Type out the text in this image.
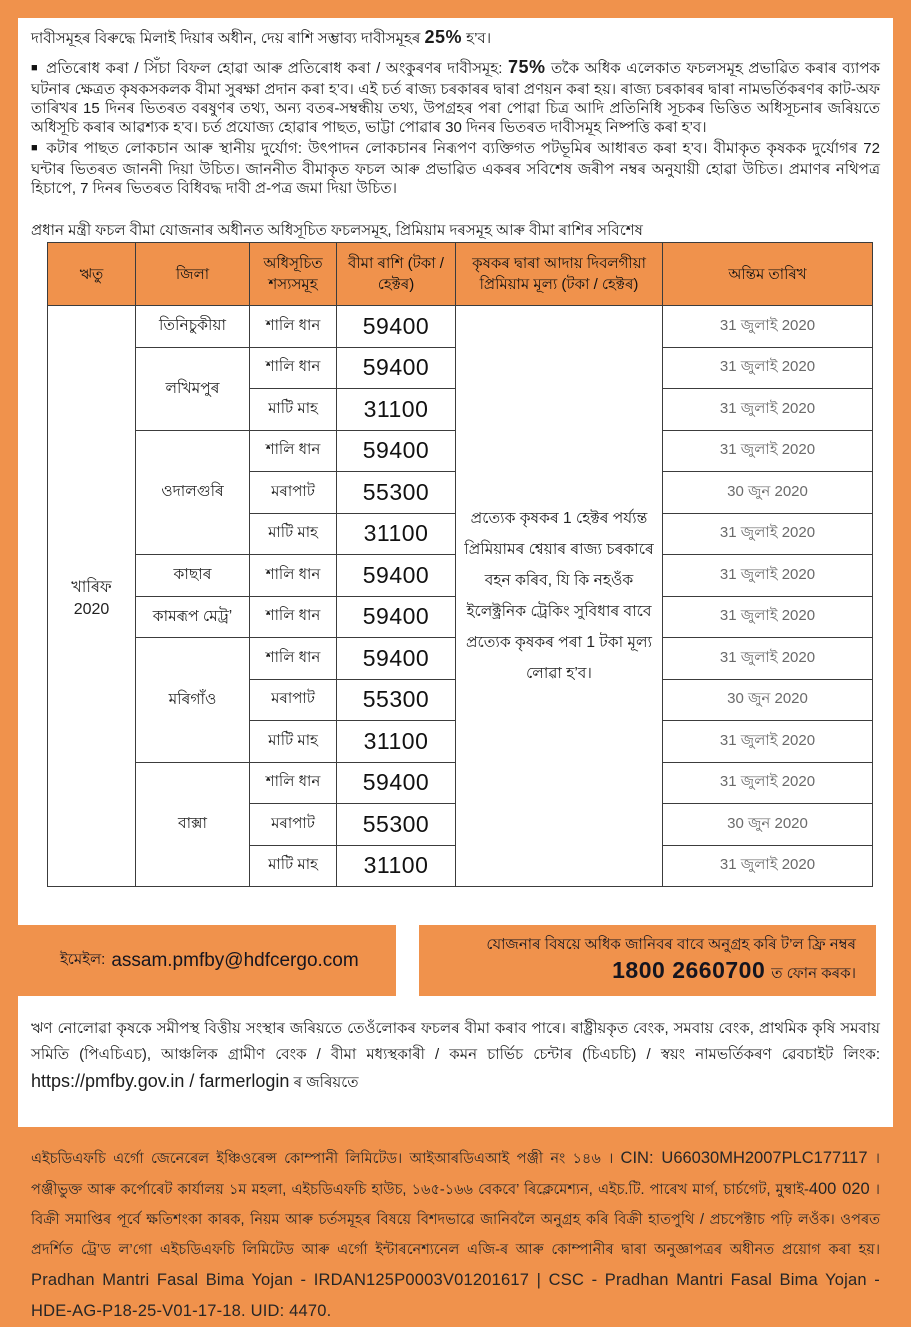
দাবীসমূহৰ বিৰুদ্ধে মিলাই দিয়াৰ অধীন, দেয় ৰাশি সম্ভাব্য দাবীসমূহৰ 25% হ’ব।

■ প্ৰতিৰোধ কৰা / সিঁচা বিফল হোৱা আৰু প্ৰতিৰোধ কৰা / অংকুৰণৰ দাবীসমূহ: 75% তকৈ অধিক এলেকাত ফচলসমূহ প্ৰভাৱিত কৰাৰ ব্যাপক ঘটনাৰ ক্ষেত্ৰত কৃষকসকলক বীমা সুৰক্ষা প্ৰদান কৰা হ’ব। এই চৰ্ত ৰাজ্য চৰকাৰৰ দ্বাৰা প্ৰণয়ন কৰা হয়। ৰাজ্য চৰকাৰৰ দ্বাৰা নামভৰ্তিকৰণৰ কাট-অফ তাৰিখৰ 15 দিনৰ ভিতৰত বৰষুণৰ তথ্য, অন্য বতৰ-সম্বন্ধীয় তথ্য, উপগ্ৰহৰ পৰা পোৱা চিত্ৰ আদি প্ৰতিনিধি সূচকৰ ভিত্তিত অধিসূচনাৰ জৰিয়তে অধিসূচি কৰাৰ আৱশ্যক হ’ব। চৰ্ত প্ৰযোজ্য হোৱাৰ পাছত, ভাট্টা পোৱাৰ 30 দিনৰ ভিতৰত দাবীসমূহ নিষ্পত্তি কৰা হ’ব।

■ কটাৰ পাছত লোকচান আৰু স্থানীয় দুৰ্যোগ: উৎপাদন লোকচানৰ নিৰূপণ ব্যক্তিগত পটভূমিৰ আধাৰত কৰা হ’ব। বীমাকৃত কৃষকক দুৰ্যোগৰ 72 ঘন্টাৰ ভিতৰত জাননী দিয়া উচিত। জাননীত বীমাকৃত ফচল আৰু প্ৰভাৱিত একৰৰ সবিশেষ জৰীপ নম্বৰ অনুযায়ী হোৱা উচিত। প্ৰমাণৰ নথিপত্ৰ হিচাপে, 7 দিনৰ ভিতৰত বিধিবদ্ধ দাবী প্ৰ-পত্ৰ জমা দিয়া উচিত।

প্ৰধান মন্ত্ৰী ফচল বীমা যোজনাৰ অধীনত অধিসূচিত ফচলসমূহ, প্ৰিমিয়াম দৰসমূহ আৰু বীমা ৰাশিৰ সবিশেষ

ঋতু	জিলা	অধিসূচিত শস্যসমূহ	বীমা ৰাশি (টকা / হেক্টৰ)	কৃষকৰ দ্বাৰা আদায় দিবলগীয়া প্ৰিমিয়াম মূল্য (টকা / হেক্টৰ)	অন্তিম তাৰিখ
খাৰিফ 2020	তিনিচুকীয়া	শালি ধান	59400	প্ৰত্যেক কৃষকৰ 1 হেক্টৰ পৰ্য্যন্ত প্ৰিমিয়ামৰ শ্বেয়াৰ ৰাজ্য চৰকাৰে বহন কৰিব, যি কি নহওঁক ইলেক্ট্ৰনিক ট্ৰেকিং সুবিধাৰ বাবে প্ৰত্যেক কৃষকৰ পৰা 1 টকা মূল্য লোৱা হ’ব।	31 জুলাই 2020
	লখিমপুৰ	শালি ধান	59400		31 জুলাই 2020
		মাটি মাহ	31100		31 জুলাই 2020
	ওদালগুৰি	শালি ধান	59400		31 জুলাই 2020
		মৰাপাট	55300		30 জুন 2020
		মাটি মাহ	31100		31 জুলাই 2020
	কাছাৰ	শালি ধান	59400		31 জুলাই 2020
	কামৰূপ মেট্ৰ’	শালি ধান	59400		31 জুলাই 2020
	মৰিগাঁও	শালি ধান	59400		31 জুলাই 2020
		মৰাপাট	55300		30 জুন 2020
		মাটি মাহ	31100		31 জুলাই 2020
	বাক্সা	শালি ধান	59400		31 জুলাই 2020
		মৰাপাট	55300		30 জুন 2020
		মাটি মাহ	31100		31 জুলাই 2020
ইমেইল: assam.pmfby@hdfcergo.com
যোজনাৰ বিষয়ে অধিক জানিবৰ বাবে অনুগ্ৰহ কৰি ট’ল ফ্ৰি নম্বৰ
1800 2660700 ত ফোন কৰক।

ঋণ নোলোৱা কৃষকে সমীপস্থ বিত্তীয় সংস্থাৰ জৰিয়তে তেওঁলোকৰ ফচলৰ বীমা কৰাব পাৰে। ৰাষ্ট্ৰীয়কৃত বেংক, সমবায় বেংক, প্ৰাথমিক কৃষি সমবায় সমিতি (পিএচিএচ), আঞ্চলিক গ্ৰামীণ বেংক / বীমা মধ্যস্থকাৰী / কমন চাৰ্ভিচ চেন্টাৰ (চিএচচি) / স্বয়ং নামভৰ্তিকৰণ ৱেবচাইট লিংক: https://pmfby.gov.in / farmerlogin ৰ জৰিয়তে

এইচডিএফচি এৰ্গো জেনেৰেল ইঞ্চিওৰেন্স কোম্পানী লিমিটেড। আইআৰডিএআই পঞ্জী নং ১৪৬ । CIN: U66030MH2007PLC177117 । পঞ্জীভুক্ত আৰু কৰ্পোৰেট কাৰ্যালয় ১ম মহলা, এইচডিএফচি হাউচ, ১৬৫-১৬৬ বেকবে’ ৰিক্লেমেশ্যন, এইচ.টি. পাৰেখ মাৰ্গ, চাৰ্চগেট, মুম্বাই-400 020 । বিক্ৰী সমাপ্তিৰ পূৰ্বে ক্ষতিশংকা কাৰক, নিয়ম আৰু চৰ্তসমূহৰ বিষয়ে বিশদভাৱে জানিবলৈ অনুগ্ৰহ কৰি বিক্ৰী হাতপুথি / প্ৰচপেক্টাচ পঢ়ি লওঁক। ওপৰত প্ৰদৰ্শিত ট্ৰে’ড ল’গো এইচডিএফচি লিমিটেড আৰু এৰ্গো ইন্টাৰনেশ্যনেল এজি-ৰ আৰু কোম্পানীৰ দ্বাৰা অনুজ্ঞাপত্ৰৰ অধীনত প্ৰয়োগ কৰা হয়। Pradhan Mantri Fasal Bima Yojan - IRDAN125P0003V01201617 | CSC - Pradhan Mantri Fasal Bima Yojan - HDE-AG-P18-25-V01-17-18. UID: 4470.
